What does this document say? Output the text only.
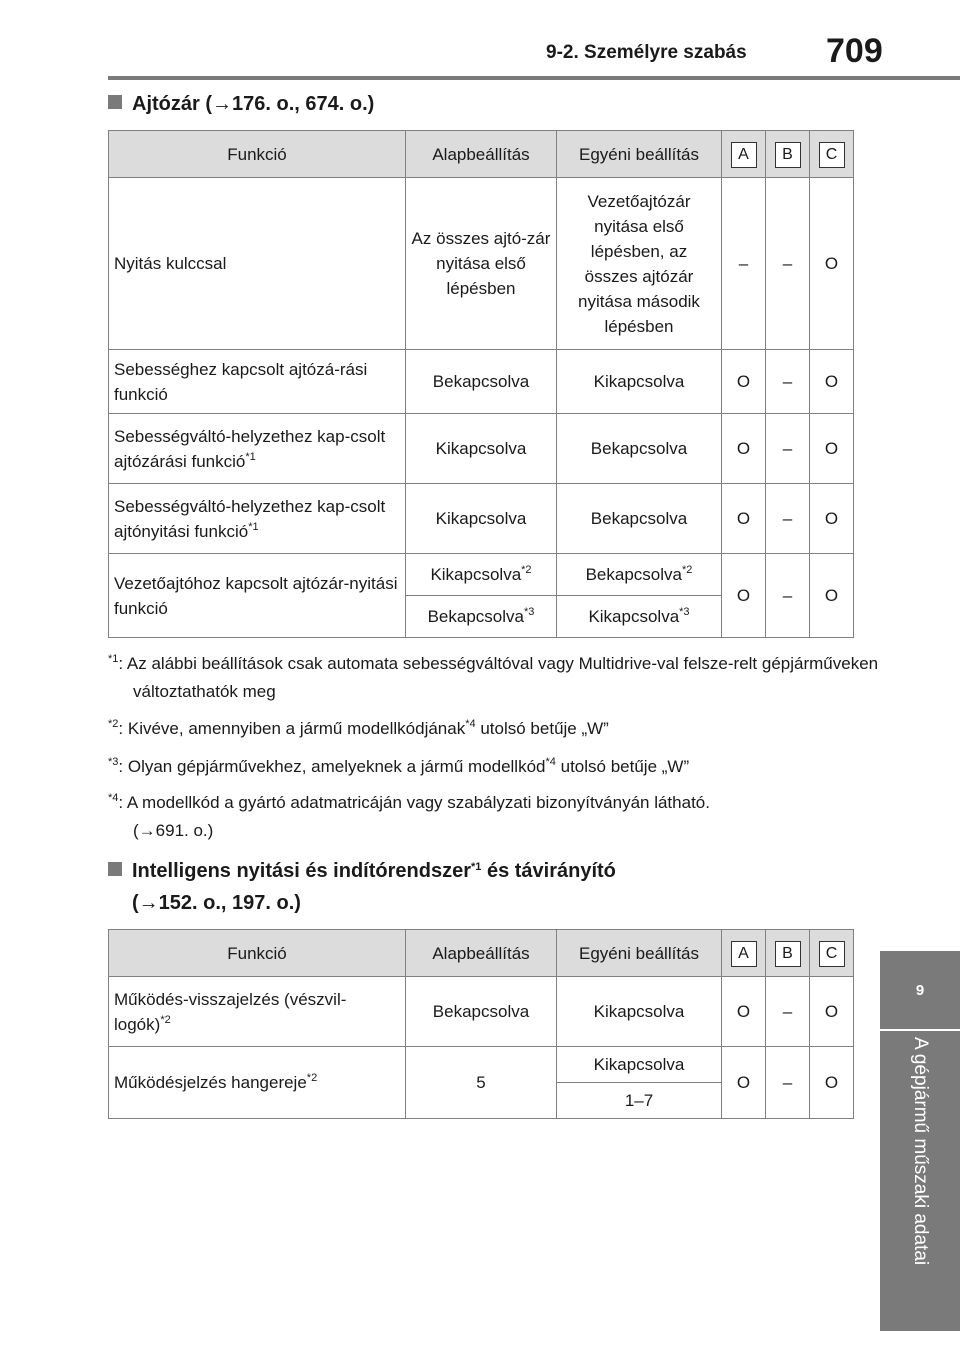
9-2. Személyre szabás 709
9
A gépjármű műszaki adatai
Ajtózár (→176. o., 674. o.)
Funkció	Alapbeállítás	Egyéni beállítás	A	B	C
Nyitás kulccsal	Az összes ajtó-zár nyitása első lépésben	Vezetőajtózár nyitása első lépésben, az összes ajtózár nyitása második lépésben	–	–	O
Sebességhez kapcsolt ajtózá-rási funkció	Bekapcsolva	Kikapcsolva	O	–	O
Sebességváltó-helyzethez kap-csolt ajtózárási funkció$^{*1}$	Kikapcsolva	Bekapcsolva	O	–	O
Sebességváltó-helyzethez kap-csolt ajtónyitási funkció$^{*1}$	Kikapcsolva	Bekapcsolva	O	–	O
Vezetőajtóhoz kapcsolt ajtózár-nyitási funkció	Kikapcsolva$^{*2}$	Bekapcsolva$^{*2}$	O	–	O
	Bekapcsolva$^{*3}$	Kikapcsolva$^{*3}$
$^{*1}$: Az alábbi beállítások csak automata sebességváltóval vagy Multidrive-val felsze-relt gépjárműveken változtathatók meg
$^{*2}$: Kivéve, amennyiben a jármű modellkódjának$^{*4}$ utolsó betűje „W”
$^{*3}$: Olyan gépjárművekhez, amelyeknek a jármű modellkód$^{*4}$ utolsó betűje „W”
$^{*4}$: A modellkód a gyártó adatmatricáján vagy szabályzati bizonyítványán látható.
(→691. o.)
Intelligens nyitási és indítórendszer$^{*1}$ és távirányító
(→152. o., 197. o.)
Funkció	Alapbeállítás	Egyéni beállítás	A	B	C
Működés-visszajelzés (vészvil-logók)$^{*2}$	Bekapcsolva	Kikapcsolva	O	–	O
Működésjelzés hangereje$^{*2}$	5	Kikapcsolva	O	–	O
		1–7			
